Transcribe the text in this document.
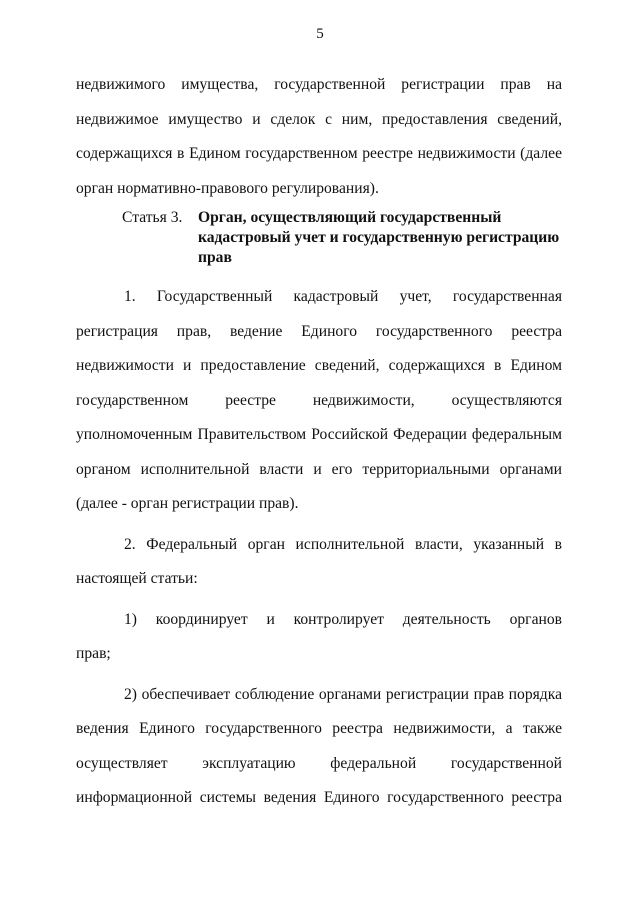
5
недвижимого имущества, государственной регистрации прав на
недвижимое имущество и сделок с ним, предоставления сведений,
содержащихся в Едином государственном реестре недвижимости (далее
орган нормативно-правового регулирования).
Статья 3. Орган, осуществляющий государственный
кадастровый учет и государственную регистрацию
прав
1. Государственный кадастровый учет, государственная
регистрация прав, ведение Единого государственного реестра
недвижимости и предоставление сведений, содержащихся в Едином
государственном реестре недвижимости, осуществляются
уполномоченным Правительством Российской Федерации федеральным
органом исполнительной власти и его территориальными органами
(далее - орган регистрации прав).
2. Федеральный орган исполнительной власти, указанный в
настоящей статьи:
1) координирует и контролирует деятельность органов
прав;
2) обеспечивает соблюдение органами регистрации прав порядка
ведения Единого государственного реестра недвижимости, а также
осуществляет эксплуатацию федеральной государственной
информационной системы ведения Единого государственного реестра
